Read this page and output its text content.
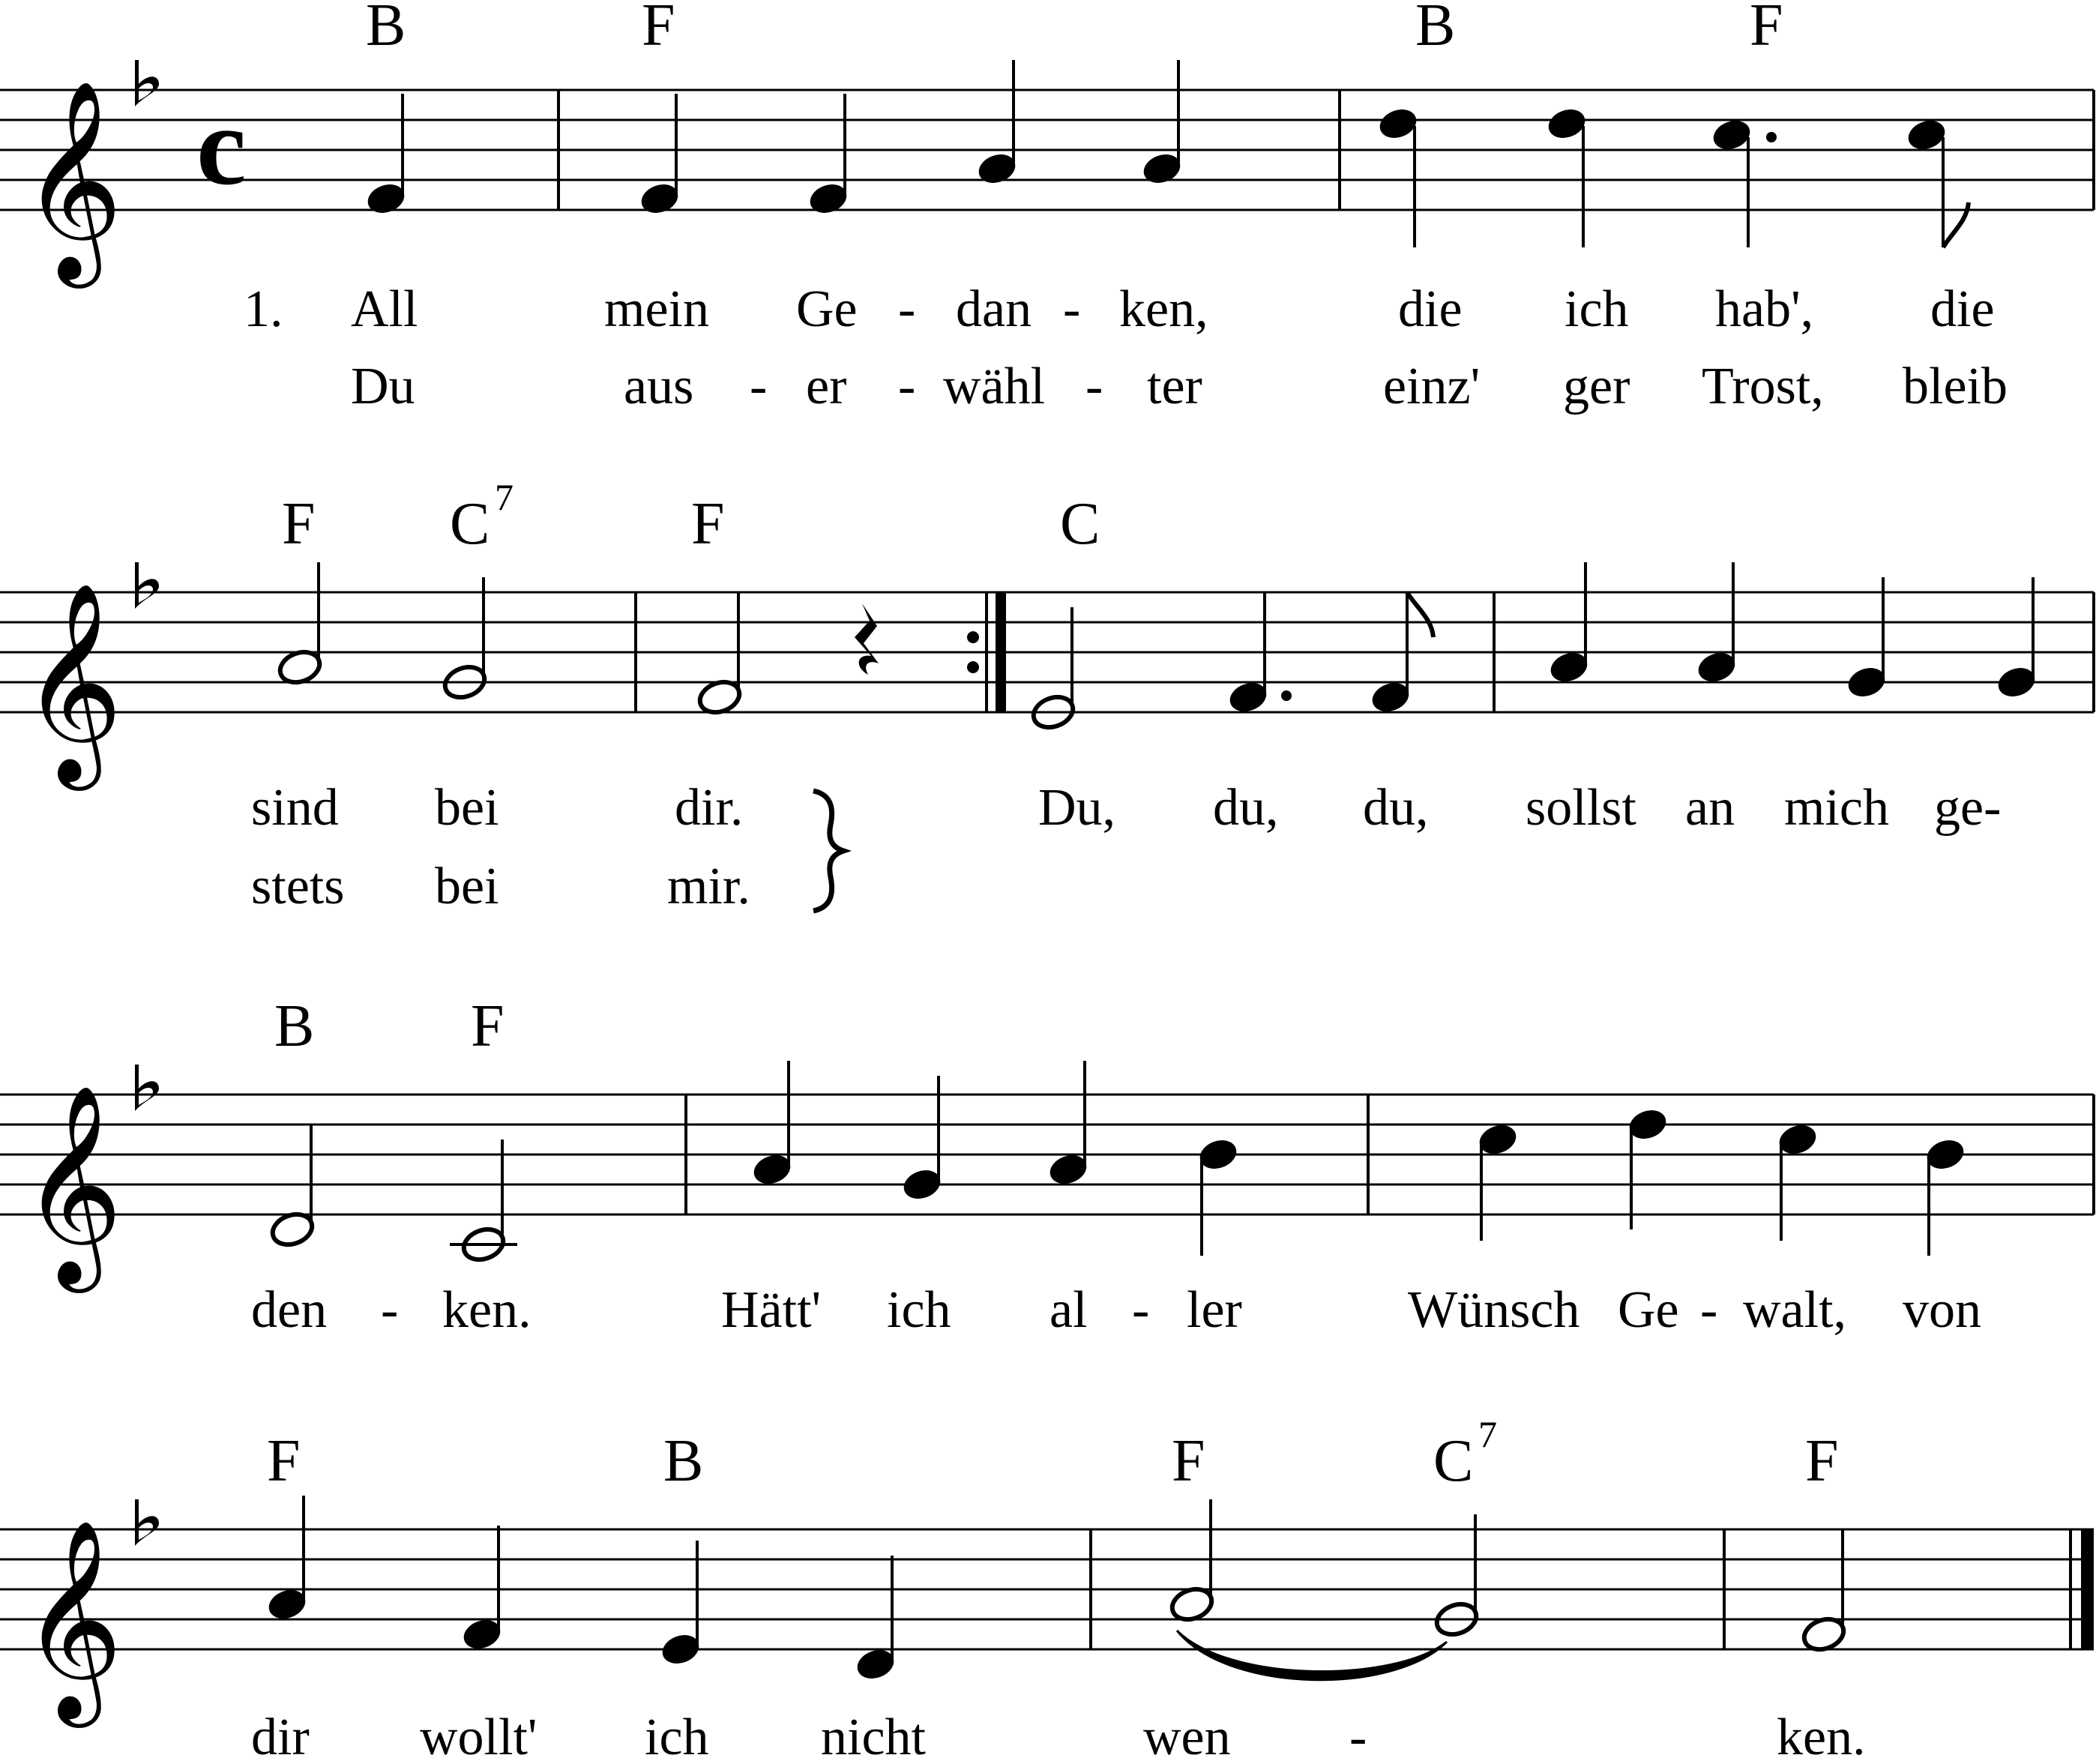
𝄞 c
B	F	B	F
1. All	mein Ge - dan - ken,	die ich hab', die
Du	aus - er - wähl - ter	einz' ger Trost, bleib
𝄞
F C 7	F	C
sind bei	dir.	Du, du, du, sollst an mich ge-
stets bei	mir.
𝄞
B	F
den - ken.	Hätt' ich al - ler	Wünsch Ge - walt, von
𝄞
F	B	F	C 7	F
dir wollt' ich nicht	wen -	ken.
